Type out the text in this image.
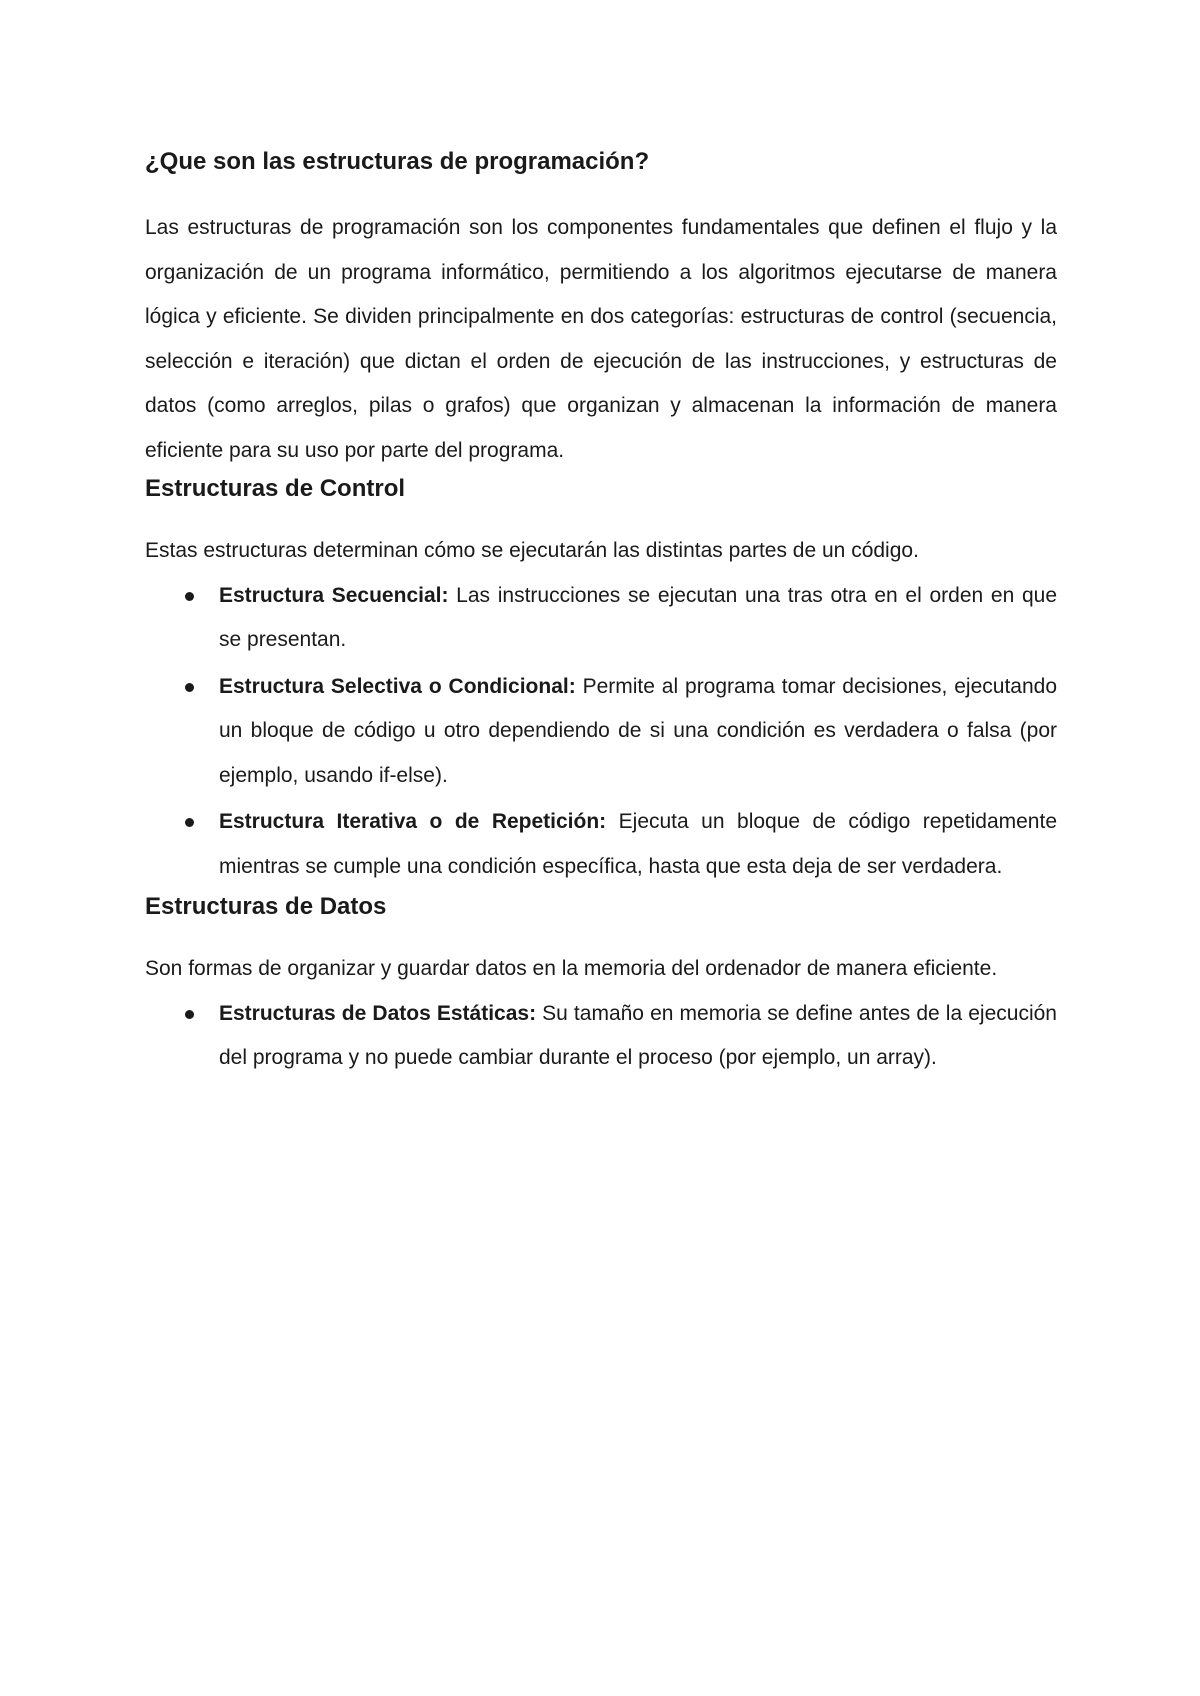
¿Que son las estructuras de programación?

Las estructuras de programación son los componentes fundamentales que definen el flujo y la organización de un programa informático, permitiendo a los algoritmos ejecutarse de manera lógica y eficiente. Se dividen principalmente en dos categorías: estructuras de control (secuencia, selección e iteración) que dictan el orden de ejecución de las instrucciones, y estructuras de datos (como arreglos, pilas o grafos) que organizan y almacenan la información de manera eficiente para su uso por parte del programa.

Estructuras de Control

Estas estructuras determinan cómo se ejecutarán las distintas partes de un código.

Estructura Secuencial: Las instrucciones se ejecutan una tras otra en el orden en que se presentan.
Estructura Selectiva o Condicional: Permite al programa tomar decisiones, ejecutando un bloque de código u otro dependiendo de si una condición es verdadera o falsa (por ejemplo, usando if-else).
Estructura Iterativa o de Repetición: Ejecuta un bloque de código repetidamente mientras se cumple una condición específica, hasta que esta deja de ser verdadera.
Estructuras de Datos

Son formas de organizar y guardar datos en la memoria del ordenador de manera eficiente.

Estructuras de Datos Estáticas: Su tamaño en memoria se define antes de la ejecución del programa y no puede cambiar durante el proceso (por ejemplo, un array).
